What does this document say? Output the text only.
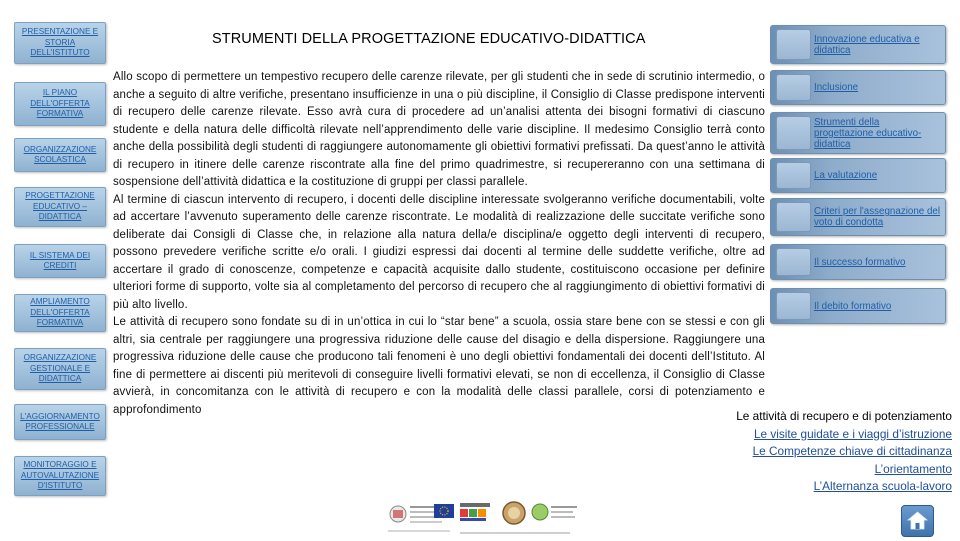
STRUMENTI DELLA PROGETTAZIONE EDUCATIVO-DIDATTICA
PRESENTAZIONE E STORIA DELL'ISTITUTO
IL PIANO DELL'OFFERTA FORMATIVA
ORGANIZZAZIONE SCOLASTICA
PROGETTAZIONE EDUCATIVO – DIDATTICA
IL SISTEMA DEI CREDITI
AMPLIAMENTO DELL'OFFERTA FORMATIVA
ORGANIZZAZIONE GESTIONALE E DIDATTICA
L'AGGIORNAMENTO PROFESSIONALE
MONITORAGGIO E AUTOVALUTAZIONE D'ISTITUTO

Allo scopo di permettere un tempestivo recupero delle carenze rilevate, per gli studenti che in sede di scrutinio intermedio, o anche a seguito di altre verifiche, presentano insufficienze in una o più discipline, il Consiglio di Classe predispone interventi di recupero delle carenze rilevate. Esso avrà cura di procedere ad un’analisi attenta dei bisogni formativi di ciascuno studente e della natura delle difficoltà rilevate nell’apprendimento delle varie discipline. Il medesimo Consiglio terrà conto anche della possibilità degli studenti di raggiungere autonomamente gli obiettivi formativi prefissati. Da quest’anno le attività di recupero in itinere delle carenze riscontrate alla fine del primo quadrimestre, si recupereranno con una settimana di sospensione dell’attività didattica e la costituzione di gruppi per classi parallele.

Al termine di ciascun intervento di recupero, i docenti delle discipline interessate svolgeranno verifiche documentabili, volte ad accertare l’avvenuto superamento delle carenze riscontrate. Le modalità di realizzazione delle succitate verifiche sono deliberate dai Consigli di Classe che, in relazione alla natura della/e disciplina/e oggetto degli interventi di recupero, possono prevedere verifiche scritte e/o orali. I giudizi espressi dai docenti al termine delle suddette verifiche, oltre ad accertare il grado di conoscenze, competenze e capacità acquisite dallo studente, costituiscono occasione per definire ulteriori forme di supporto, volte sia al completamento del percorso di recupero che al raggiungimento di obiettivi formativi di più alto livello.

Le attività di recupero sono fondate su di in un’ottica in cui lo “star bene” a scuola, ossia stare bene con se stessi e con gli altri, sia centrale per raggiungere una progressiva riduzione delle cause del disagio e della dispersione. Raggiungere una progressiva riduzione delle cause che producono tali fenomeni è uno degli obiettivi fondamentali dei docenti dell’Istituto. Al fine di permettere ai discenti più meritevoli di conseguire livelli formativi elevati, se non di eccellenza, il Consiglio di Classe avvierà, in concomitanza con le attività di recupero e con la modalità delle classi parallele, corsi di potenziamento e approfondimento

Innovazione educativa e didattica
Inclusione
Strumenti della progettazione educativo-didattica
La valutazione
Criteri per l'assegnazione del voto di condotta
Il successo formativo
Il debito formativo
Le attività di recupero e di potenziamento
Le visite guidate e i viaggi d’istruzione
Le Competenze chiave di cittadinanza
L’orientamento
L’Alternanza scuola-lavoro
